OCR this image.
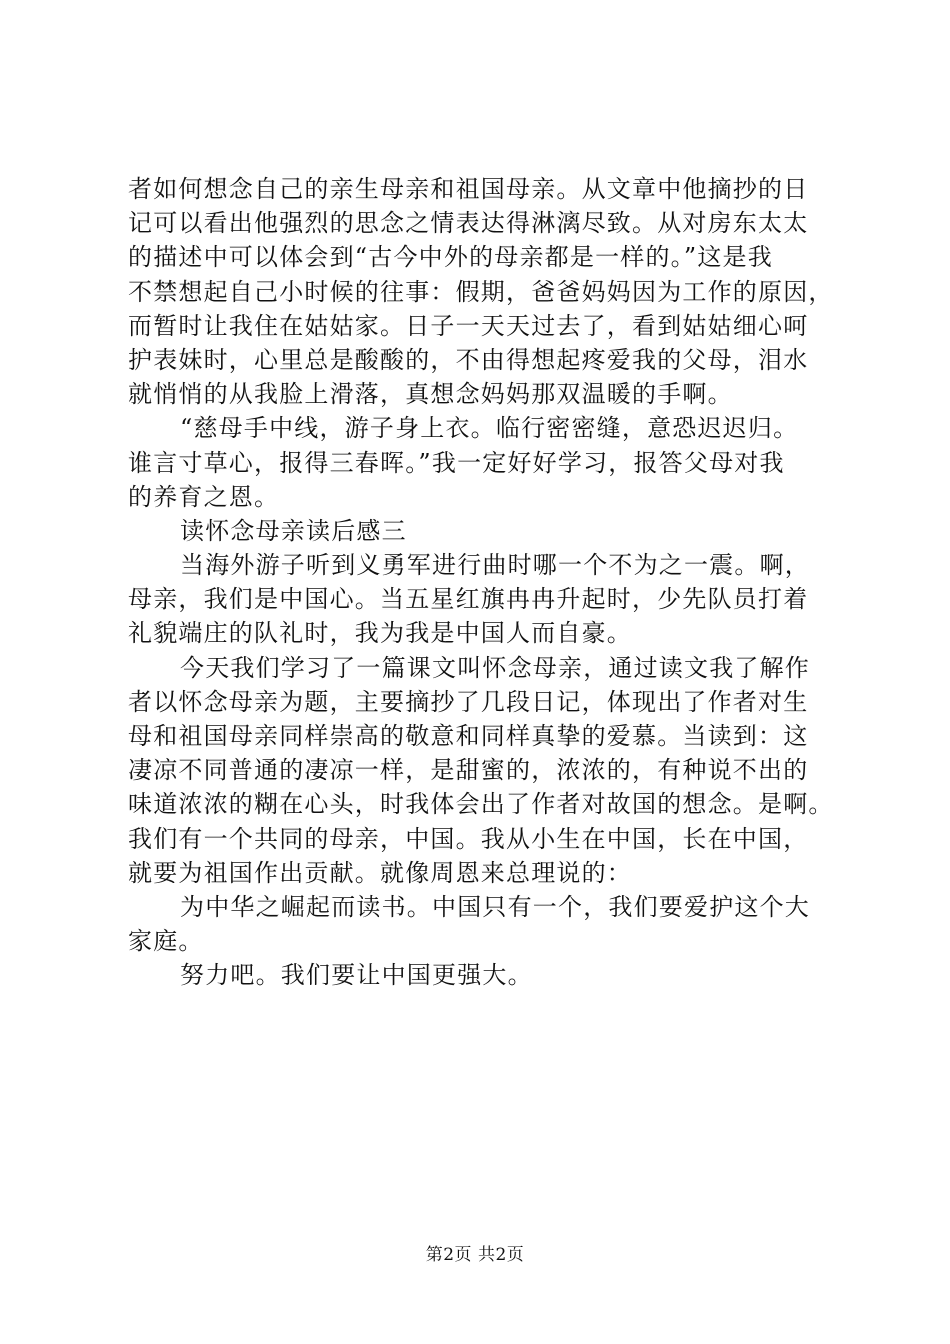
者如何想念自己的亲生母亲和祖国母亲。从文章中他摘抄的日
记可以看出他强烈的思念之情表达得淋漓尽致。从对房东太太
的描述中可以体会到“古今中外的母亲都是一样的。”这是我
不禁想起自己小时候的往事：假期，爸爸妈妈因为工作的原因，
而暂时让我住在姑姑家。日子一天天过去了，看到姑姑细心呵
护表妹时，心里总是酸酸的，不由得想起疼爱我的父母，泪水
就悄悄的从我脸上滑落，真想念妈妈那双温暖的手啊。
“慈母手中线，游子身上衣。临行密密缝，意恐迟迟归。
谁言寸草心，报得三春晖。”我一定好好学习，报答父母对我
的养育之恩。
读怀念母亲读后感三
当海外游子听到义勇军进行曲时哪一个不为之一震。啊，
母亲，我们是中国心。当五星红旗冉冉升起时，少先队员打着
礼貌端庄的队礼时，我为我是中国人而自豪。
今天我们学习了一篇课文叫怀念母亲，通过读文我了解作
者以怀念母亲为题，主要摘抄了几段日记，体现出了作者对生
母和祖国母亲同样崇高的敬意和同样真挚的爱慕。当读到：这
凄凉不同普通的凄凉一样，是甜蜜的，浓浓的，有种说不出的
味道浓浓的糊在心头，时我体会出了作者对故国的想念。是啊。
我们有一个共同的母亲，中国。我从小生在中国，长在中国，
就要为祖国作出贡献。就像周恩来总理说的：
为中华之崛起而读书。中国只有一个，我们要爱护这个大
家庭。
努力吧。我们要让中国更强大。
第2页 共2页
